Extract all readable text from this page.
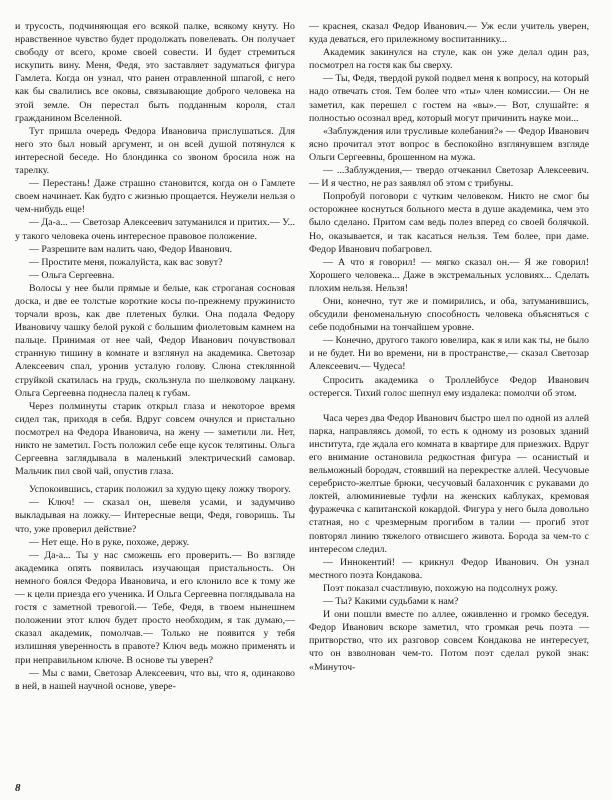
и трусость, подчиняющая его всякой палке, всякому кнуту. Но нравственное чувство будет продолжать повелевать. Он получает свободу от всего, кроме своей совести. И будет стремиться искупить вину. Меня, Федя, это заставляет задуматься фигура Гамлета. Когда он узнал, что ранен отравленной шпагой, с него как бы свалились все оковы, связывающие доброго человека на этой земле. Он перестал быть подданным короля, стал гражданином Вселенной.

Тут пришла очередь Федора Ивановича прислушаться. Для него это был новый аргумент, и он всей душой потянулся к интересной беседе. Но блондинка со звоном бросила нож на тарелку.

— Перестань! Даже страшно становится, когда он о Гамлете своем начинает. Как будто с жизнью прощается. Неужели нельзя о чем-нибудь еще!

— Да-а... — Светозар Алексеевич затуманился и притих.— У... у такого человека очень интересное правовое положение.

— Разрешите вам налить чаю, Федор Иванович.

— Простите меня, пожалуйста, как вас зовут?

— Ольга Сергеевна.

Волосы у нее были прямые и белые, как строганая сосновая доска, и две ее толстые короткие косы по-прежнему пружинисто торчали врозь, как две плетеных булки. Она подала Федору Ивановичу чашку белой рукой с большим фиолетовым камнем на пальце. Принимая от нее чай, Федор Иванович почувствовал странную тишину в комнате и взглянул на академика. Светозар Алексеевич спал, уронив усталую голову. Слюна стеклянной струйкой скатилась на грудь, скользнула по шелковому лацкану. Ольга Сергеевна поднесла палец к губам.

Через полминуты старик открыл глаза и некоторое время сидел так, приходя в себя. Вдруг совсем очнулся и пристально посмотрел на Федора Ивановича, на жену — заметили ли. Нет, никто не заметил. Гость положил себе еще кусок телятины. Ольга Сергеевна заглядывала в маленький электрический самовар. Мальчик пил свой чай, опустив глаза.

Успокоившись, старик положил за худую щеку ложку твороrу.

— Ключ! — сказал он, шевеля усами, и задумчиво выкладывая на ложку.— Интересные вещи, Федя, говоришь. Ты что, уже проверил действие?

— Нет еще. Но в руке, похоже, держу.

— Да-а... Ты у нас сможешь его проверить.— Во взгляде академика опять появилась изучающая пристальность. Он немного боялся Федора Ивановича, и его клонило все к тому же — к цели приезда его ученика. И Ольга Сергеевна поглядывала на гостя с заметной тревогой.— Тебе, Федя, в твоем нынешнем положении этот ключ будет просто необходим, я так думаю,— сказал академик, помолчав.— Только не появится у тебя излишняя уверенность в правоте? Ключ ведь можно применять и при неправильном ключе. В основе ты уверен?

— Мы с вами, Светозар Алексеевич, что вы, что я, одинаково в ней, в нашей научной основе, увере-

— краснея, сказал Федор Иванович.— Уж если учитель уверен, куда деваться, его прилежному воспитаннику...

Академик закинулся на стуле, как он уже делал один раз, посмотрел на гостя как бы сверху.

— Ты, Федя, твердой рукой подвел меня к вопросу, на который надо отвечать стоя. Тем более что «ты» член комиссии.— Он не заметил, как перешел с гостем на «вы».— Вот, слушайте: я полностью осознал вред, который могут причинить науке мои...

«Заблуждения или трусливые колебания?» — Федор Иванович ясно прочитал этот вопрос в беспокойно взглянувшем взгляде Ольги Сергеевны, брошенном на мужа.

— ...Заблуждения,— твердо отчеканил Светозар Алексеевич.— И я честно, не раз заявлял об этом с трибуны.

Попробуй поговори с чутким человеком. Никто не смог бы осторожнее коснуться больного места в душе академика, чем это было сделано. Притом сам ведь полез вперед со своей болячкой. Но, оказывается, и так касаться нельзя. Тем более, при даме. Федор Иванович побагровел.

— А что я говорил! — мягко сказал он.— Я же говорил! Хорошего человека... Даже в экстремальных условиях... Сделать плохим нельзя. Нельзя!

Они, конечно, тут же и помирились, и оба, затуманившись, обсудили феноменальную способность человека объясняться с себе подобными на тончайшем уровне.

— Конечно, другого такого ювелира, как я или как ты, не было и не будет. Ни во времени, ни в пространстве,— сказал Светозар Алексеевич.— Чудеса!

Спросить академика о Троллейбусе Федор Иванович остерегся. Тихий голос шепнул ему издалека: помолчи об этом.

Часа через два Федор Иванович быстро шел по одной из аллей парка, направляясь домой, то есть к одному из розовых зданий института, где ждала его комната в квартире для приезжих. Вдруг его внимание остановила редкостная фигура — осанистый и вельможный бородач, стоявший на перекрестке аллей. Чесучовые серебристо-желтые брюки, чесучовый балахончик с рукавами до локтей, алюминиевые туфли на женских каблуках, кремовая фуражечка с капитанской кокардой. Фигура у него была довольно статная, но с чрезмерным прогибом в талии — прогиб этот повторял линию тяжелого отвисшего живота. Борода за чем-то с интересом следил.

— Иннокентий! — крикнул Федор Иванович. Он узнал местного поэта Кондакова.

Поэт показал счастливую, похожую на подсолнух рожу.

— Ты? Какими судьбами к нам?

И они пошли вместе по аллее, оживленно и громко беседуя. Федор Иванович вскоре заметил, что громкая речь поэта — притворство, что их разговор совсем Кондакова не интересует, что он взволнован чем-то. Потом поэт сделал рукой знак: «Минуточ-

8
